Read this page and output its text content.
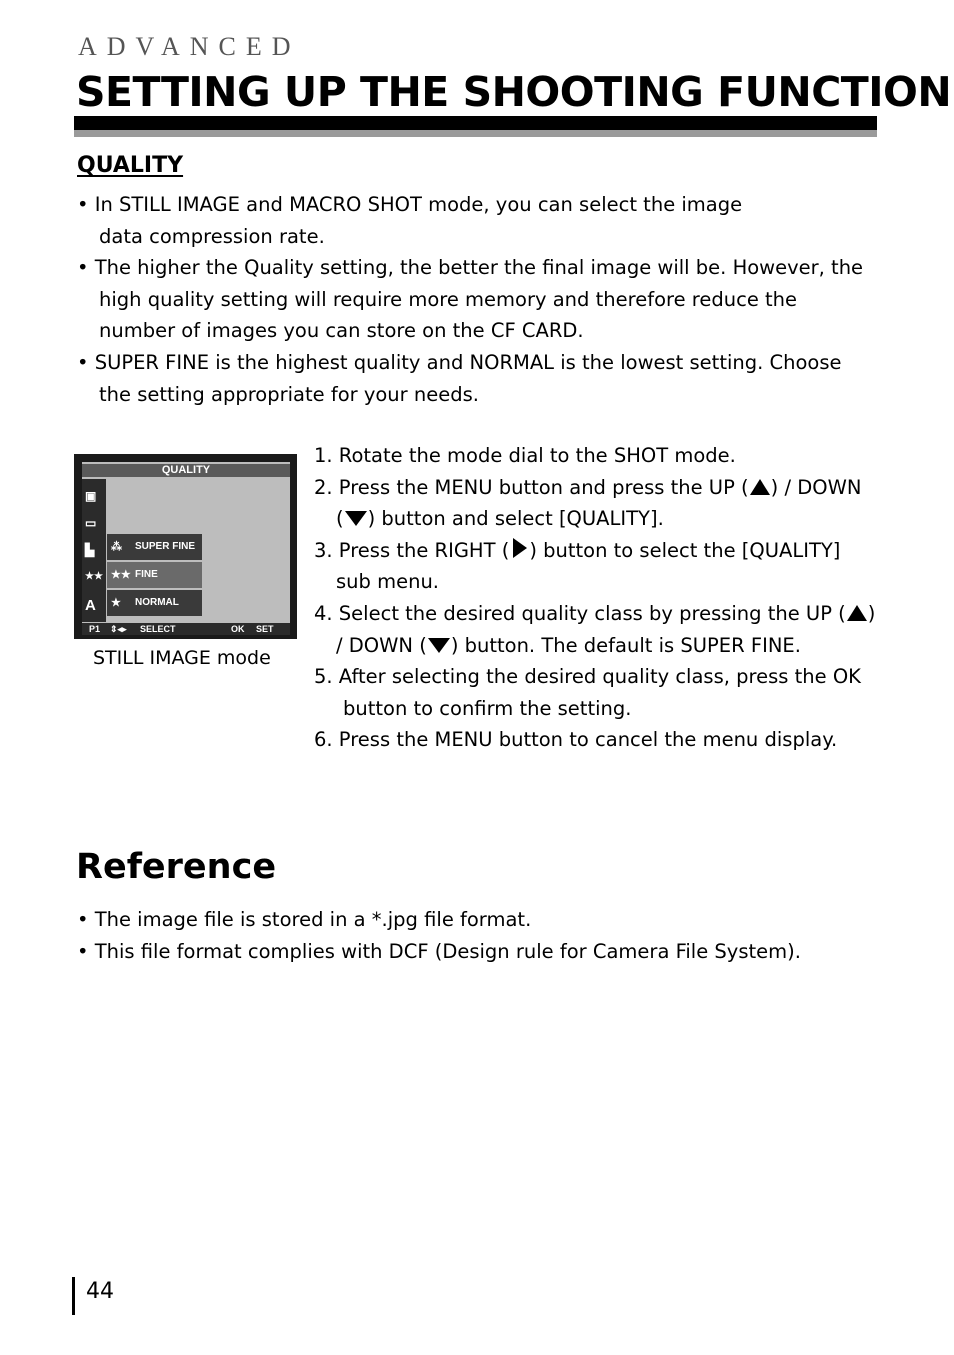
ADVANCED
SETTING UP THE SHOOTING FUNCTION
QUALITY
• In STILL IMAGE and MACRO SHOT mode, you can select the image
data compression rate.
• The higher the Quality setting, the better the final image will be. However, the
high quality setting will require more memory and therefore reduce the
number of images you can store on the CF CARD.
• SUPER FINE is the highest quality and NORMAL is the lowest setting. Choose
the setting appropriate for your needs.
QUALITY
▣
▭
▙
★★
A
⁂ SUPER FINE
★★ FINE
★ NORMAL
P1 ⇕◂▸ SELECT	OK SET
STILL IMAGE mode
1. Rotate the mode dial to the SHOT mode.
2. Press the MENU button and press the UP ( ) / DOWN
( ) button and select [QUALITY].
3. Press the RIGHT ( ) button to select the [QUALITY]
sub menu.
4. Select the desired quality class by pressing the UP ( )
/ DOWN ( ) button. The default is SUPER FINE.
5. After selecting the desired quality class, press the OK
button to confirm the setting.
6. Press the MENU button to cancel the menu display.
Reference
• The image file is stored in a *.jpg file format.
• This file format complies with DCF (Design rule for Camera File System).
44
